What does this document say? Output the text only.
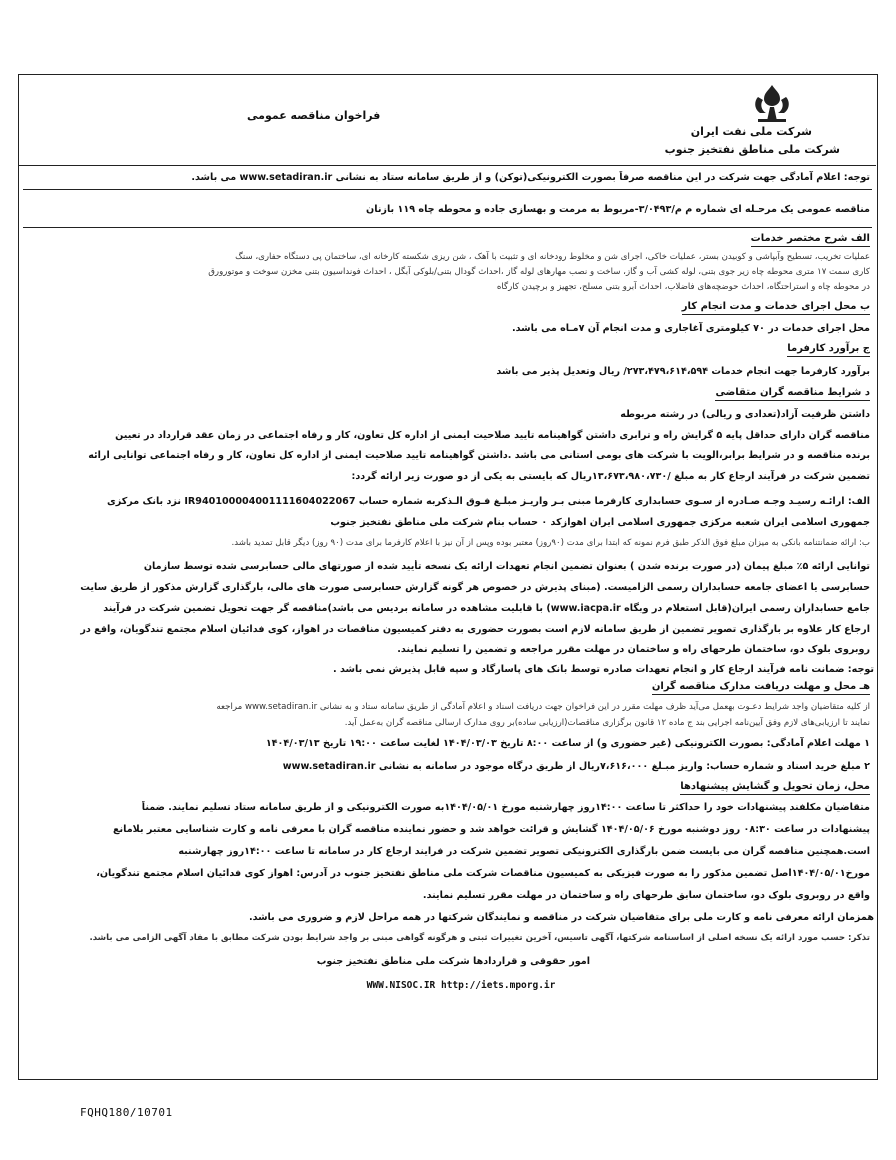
شرکت ملی نفت ایران
شرکت ملی مناطق نفتخیز جنوب
فراخوان مناقصه عمومی
توجه: اعلام آمادگی جهت شرکت در این مناقصه صرفاً بصورت الکترونیکی(توکن) و از طریق سامانه ستاد به نشانی www.setadiran.ir می باشد.
مناقصه عمومی یک مرحـله ای شماره م م/۳/۰۴۹۳-مربوط به مرمت و بهسازی جاده و محوطه چاه ۱۱۹ بازنان
الف شرح مختصر خدمات
عملیات تخریب، تسطیح وآبپاشی و کوبیدن بستر، عملیات خاکی، اجرای شن و مخلوط رودخانه ای و تثبیت با آهک ، شن ریزی شکسته کارخانه ای، ساختمان پی دستگاه حفاری، سنگ
کاری سمت ۱۷ متری محوطه چاه زیر جوی بتنی، لوله کشی آب و گاز، ساخت و نصب مهارهای لوله گاز ،احداث گودال بتنی/بلوکی آبگل ، احداث فونداسیون بتنی مخزن سوخت و موتورورق
در محوطه چاه و استراحتگاه، احداث حوضچه‌های فاضلاب، احداث آبرو بتنی مسلح، تجهیز و برچیدن کارگاه
ب محل اجرای خدمات و مدت انجام کار
محل اجرای خدمات در ۷۰ کیلومتری آغاجاری و مدت انجام آن ۷مـاه می باشد.
ج برآورد کارفرما
برآورد کارفرما جهت انجام خدمات ۲۷۳،۴۷۹،۶۱۴،۵۹۴/ ریال وتعدیل پذیر می باشد
د شرایط مناقصه گران متقاضی
داشتن ظرفیت آزاد(تعدادی و ریالی) در رشته مربوطه
مناقصه گران دارای حداقل پایه ۵ گرایش راه و ترابری داشتن گواهینامه تایید صلاحیت ایمنی از اداره کل تعاون، کار و رفاه اجتماعی در زمان عقد قرارداد در تعیین
برنده مناقصه و در شرایط برابر،الویت با شرکت های بومی استانی می باشد .داشتن گواهینامه تایید صلاحیت ایمنی از اداره کل تعاون، کار و رفاه اجتماعی توانایی ارائه
تضمین شرکت در فرآیند ارجاع کار به مبلغ /۱۳،۶۷۳،۹۸۰،۷۳۰ریال که بایستی به یکی از دو صورت زیر ارائه گردد:
الف: ارائـه رسیـد وجـه صـادره از سـوی حسابداری کارفرما مبنی بـر واریـز مبلـغ فـوق الـذکربه شماره حساب IR940100004001111604022067 نزد بانک مرکزی
جمهوری اسلامی ایران شعبه مرکزی جمهوری اسلامی ایران اهوازکد ۰ حساب بنام شرکت ملی مناطق نفتخیز جنوب
ب: ارائه ضمانتنامه بانکی به میزان مبلغ فوق الذکر طبق فرم نمونه که ابتدا برای مدت (۹۰روز) معتبر بوده وپس از آن نیز با اعلام کارفرما برای مدت (۹۰ روز) دیگر قابل تمدید باشد.
توانایی ارائه ۵٪ مبلغ پیمان (در صورت برنده شدن ) بعنوان تضمین انجام تعهدات ارائه یک نسخه تأیید شده از صورتهای مالی حسابرسی شده توسط سازمان
حسابرسی یا اعضای جامعه حسابداران رسمی الزامیست. (مبنای پذیرش در خصوص هر گونه گزارش حسابرسی صورت های مالی، بارگذاری گزارش مذکور از طریق سایت
جامع حسابداران رسمی ایران(قابل استعلام در وبگاه www.iacpa.ir) با قابلیت مشاهده در سامانه بردیس می باشد)مناقصه گر جهت تحویل تضمین شرکت در فرآیند
ارجاع کار علاوه بر بارگذاری تصویر تضمین از طریق سامانه لازم است بصورت حضوری به دفتر کمیسیون مناقصات در اهواز، کوی فدائیان اسلام مجتمع تندگویان، واقع در
روبروی بلوک دو، ساختمان طرحهای راه و ساختمان در مهلت مقرر مراجعه و تضمین را تسلیم نمایند.
توجه: ضمانت نامه فرآیند ارجاع کار و انجام تعهدات صادره توسط بانک های پاسارگاد و سپه قابل پذیرش نمی باشد .
هـ محل و مهلت دریافت مدارک مناقصه گران
از کلیه متقاضیان واجد شرایط دعـوت بهعمل می‌آید ظرف مهلت مقرر در این فراخوان جهت دریافت اسناد و اعلام آمادگی از طریق سامانه ستاد و به نشانی www.setadiran.ir مراجعه
نمایند تا ارزیابی‌های لازم وفق آیین‌نامه اجرایی بند ج ماده ۱۲ قانون برگزاری مناقصات(ارزیابی ساده)بر روی مدارک ارسالی مناقصه گران به‌عمل آید.
۱ مهلت اعلام آمادگی: بصورت الکترونیکی (غیر حضوری و) از ساعت ۸:۰۰ تاریخ ۱۴۰۴/۰۳/۰۳ لغایت ساعت ۱۹:۰۰ تاریخ ۱۴۰۴/۰۳/۱۳
۲ مبلغ خرید اسناد و شماره حساب: واریز مبـلغ ۷،۶۱۶،۰۰۰ریال از طریق درگاه موجود در سامانه به نشانی www.setadiran.ir
محل، زمان تحویل و گشایش پیشنهادها
متقاضیان مکلفند پیشنهادات خود را حداکثر تا ساعت ۱۴:۰۰روز چهارشنبه مورخ ۱۴۰۴/۰۵/۰۱به صورت الکترونیکی و از طریق سامانه ستاد تسلیم نمایند. ضمناً
پیشنهادات در ساعت ۰۸:۳۰ روز دوشنبه مورخ ۱۴۰۴/۰۵/۰۶ گشایش و قرائت خواهد شد و حضور نماینده مناقصه گران با معرفی نامه و کارت شناسایی معتبر بلامانع
است.همچنین مناقصه گران می بایست ضمن بارگذاری الکترونیکی تصویر تضمین شرکت در فرایند ارجاع کار در سامانه تا ساعت ۱۴:۰۰روز چهارشنبه
مورخ۱۴۰۴/۰۵/۰۱اصل تضمین مذکور را به صورت فیزیکی به کمیسیون مناقصات شرکت ملی مناطق نفتخیز جنوب در آدرس: اهواز کوی فدائیان اسلام مجتمع تندگویان،
واقع در روبروی بلوک دو، ساختمان سابق طرحهای راه و ساختمان در مهلت مقرر تسلیم نمایند.
همزمان ارائه معرفی نامه و کارت ملی برای متقاضیان شرکت در مناقصه و نمایندگان شرکتها در همه مراحل لازم و ضروری می باشد.
تذکر: حسب مورد ارائه یک نسخه اصلی از اساسنامه شرکتها، آگهی تاسیس، آخرین تغییرات ثبتی و هرگونه گواهی مبنی بر واجد شرایط بودن شرکت مطابق با مفاد آگهی الزامی می باشد.
امور حقوقی و قراردادها شرکت ملی مناطق نفتخیز جنوب
WWW.NISOC.IR http://iets.mporg.ir
FQHQ180/10701
